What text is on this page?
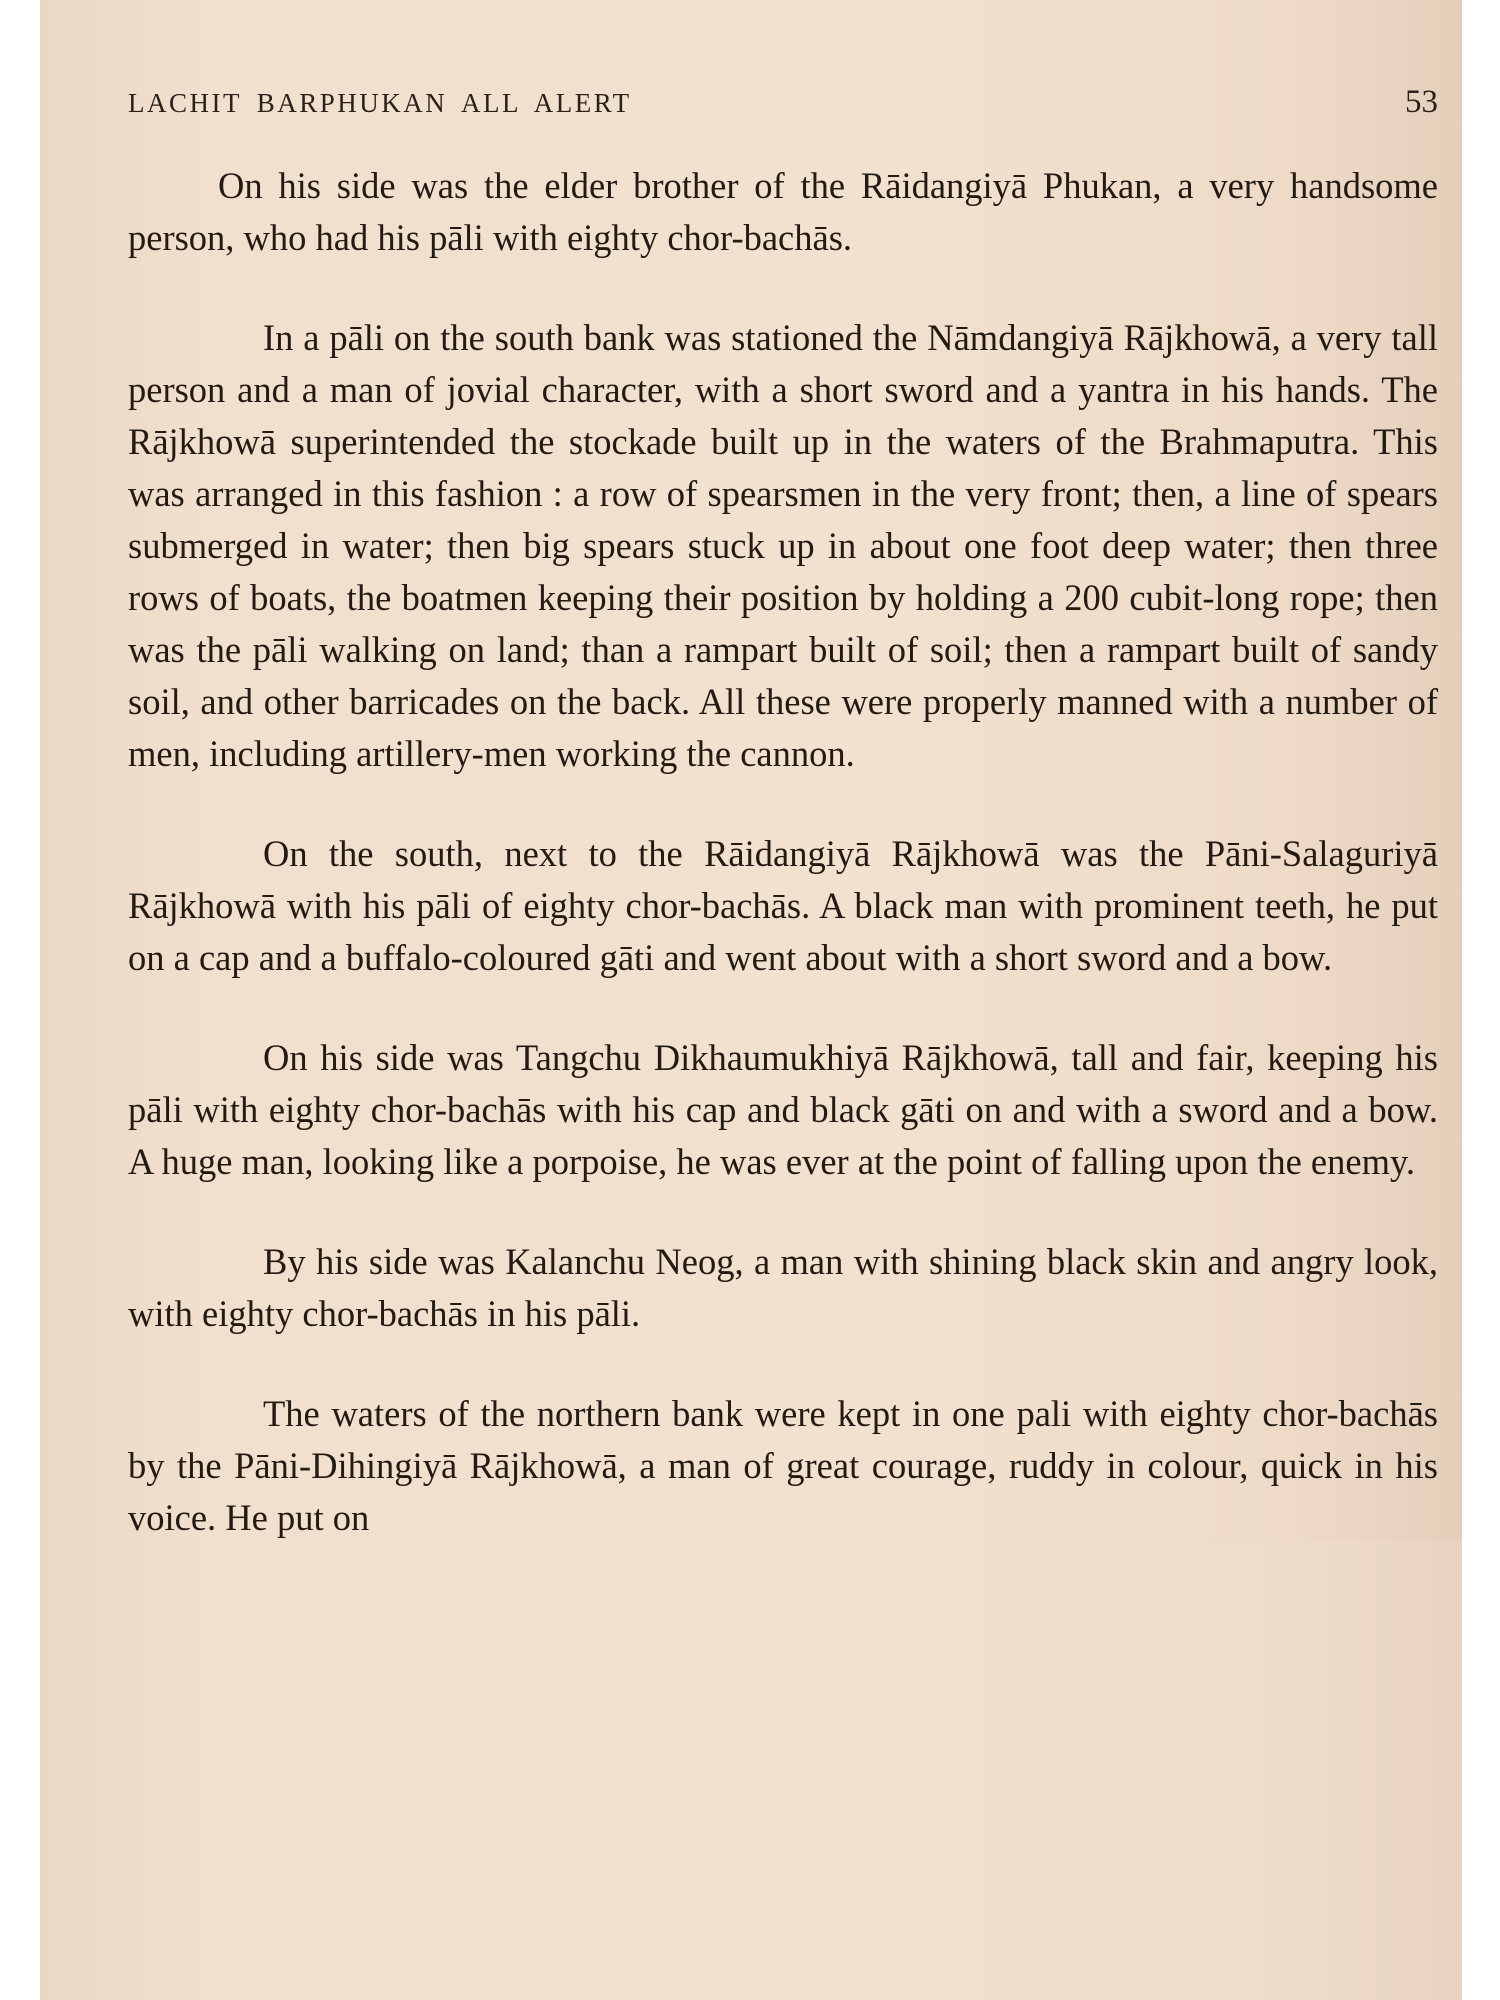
LACHIT BARPHUKAN ALL ALERT	53

On his side was the elder brother of the Rāidangiyā Phukan, a very handsome person, who had his pāli with eighty chor-bachās.

In a pāli on the south bank was stationed the Nāmdangiyā Rājkhowā, a very tall person and a man of jovial character, with a short sword and a yantra in his hands. The Rājkhowā superintended the stockade built up in the waters of the Brahmaputra. This was arranged in this fashion : a row of spearsmen in the very front; then, a line of spears submerged in water; then big spears stuck up in about one foot deep water; then three rows of boats, the boatmen keeping their position by holding a 200 cubit-long rope; then was the pāli walking on land; than a rampart built of soil; then a rampart built of sandy soil, and other barricades on the back. All these were properly manned with a number of men, including artillery-men working the cannon.

On the south, next to the Rāidangiyā Rājkhowā was the Pāni-Salaguriyā Rājkhowā with his pāli of eighty chor-bachās. A black man with prominent teeth, he put on a cap and a buffalo-coloured gāti and went about with a short sword and a bow.

On his side was Tangchu Dikhaumukhiyā Rājkhowā, tall and fair, keeping his pāli with eighty chor-bachās with his cap and black gāti on and with a sword and a bow. A huge man, looking like a porpoise, he was ever at the point of falling upon the enemy.

By his side was Kalanchu Neog, a man with shining black skin and angry look, with eighty chor-bachās in his pāli.

The waters of the northern bank were kept in one pali with eighty chor-bachās by the Pāni-Dihingiyā Rājkhowā, a man of great courage, ruddy in colour, quick in his voice. He put on
